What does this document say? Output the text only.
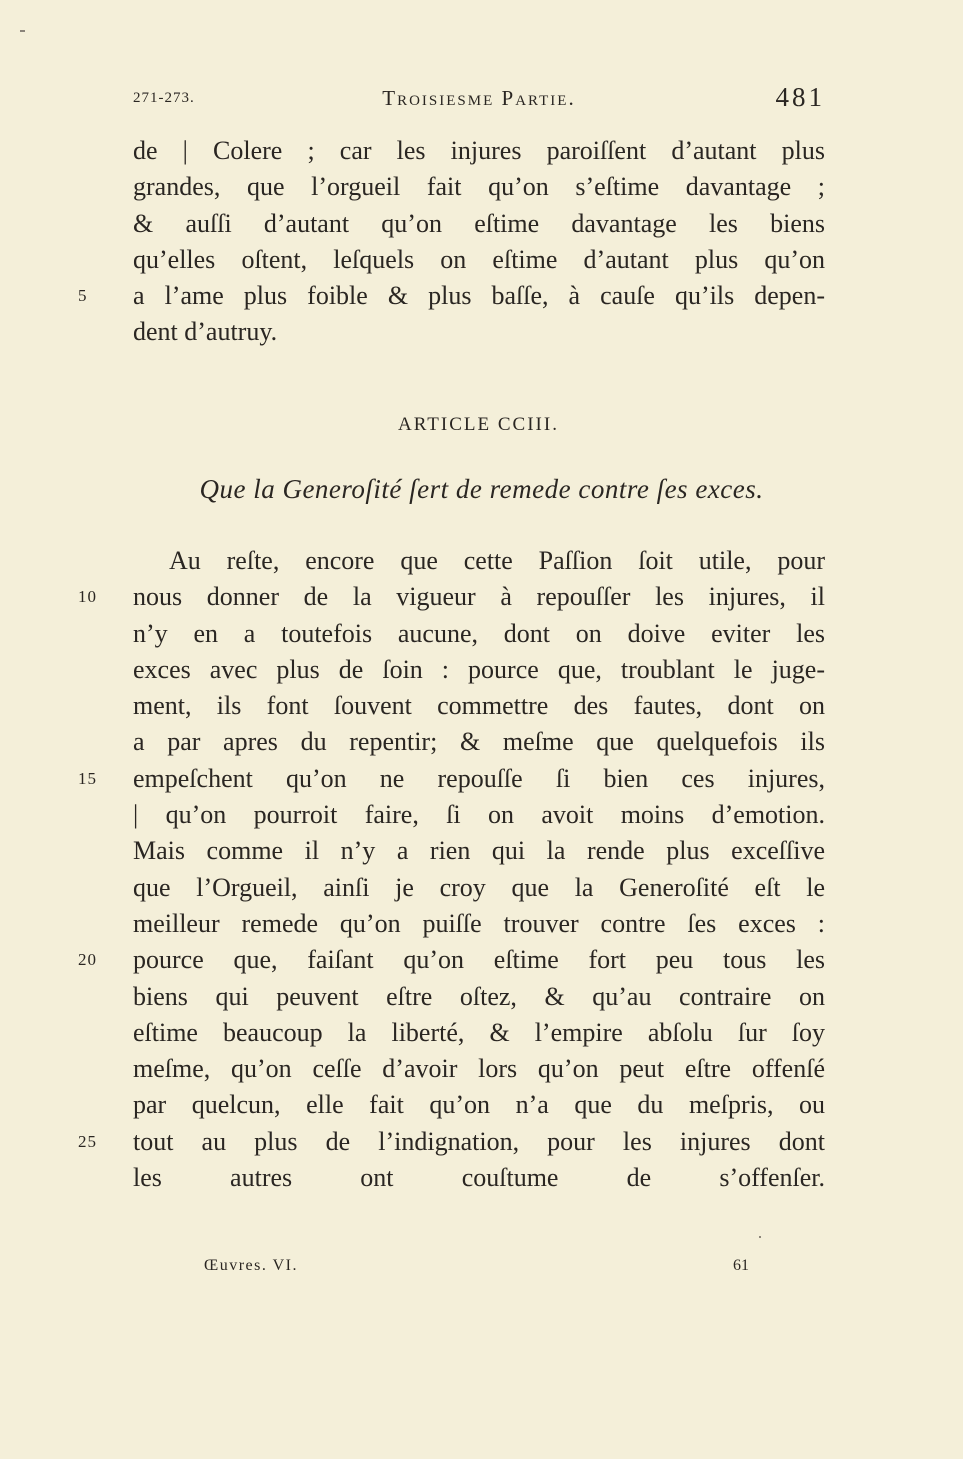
271-273.	Troisiesme Partie.	481
de | Colere ; car les injures paroiſſent d’autant plus
grandes, que l’orgueil fait qu’on s’eſtime davantage ;
& auſſi d’autant qu’on eſtime davantage les biens
qu’elles oſtent, leſquels on eſtime d’autant plus qu’on
5	a l’ame plus foible & plus baſſe, à cauſe qu’ils depen-
dent d’autruy.
ARTICLE CCIII.
Que la Generoſité ſert de remede contre ſes exces.
Au reſte, encore que cette Paſſion ſoit utile, pour
10	nous donner de la vigueur à repouſſer les injures, il
n’y en a toutefois aucune, dont on doive eviter les
exces avec plus de ſoin : pource que, troublant le juge-
ment, ils font ſouvent commettre des fautes, dont on
a par apres du repentir; & meſme que quelquefois ils
15	empeſchent qu’on ne repouſſe ſi bien ces injures,
| qu’on pourroit faire, ſi on avoit moins d’emotion.
Mais comme il n’y a rien qui la rende plus exceſſive
que l’Orgueil, ainſi je croy que la Generoſité eſt le
meilleur remede qu’on puiſſe trouver contre ſes exces :
20	pource que, faiſant qu’on eſtime fort peu tous les
biens qui peuvent eſtre oſtez, & qu’au contraire on
eſtime beaucoup la liberté, & l’empire abſolu ſur ſoy
meſme, qu’on ceſſe d’avoir lors qu’on peut eſtre offenſé
par quelcun, elle fait qu’on n’a que du meſpris, ou
25	tout au plus de l’indignation, pour les injures dont
les autres ont couſtume de s’offenſer.
Œuvres. VI.	61
